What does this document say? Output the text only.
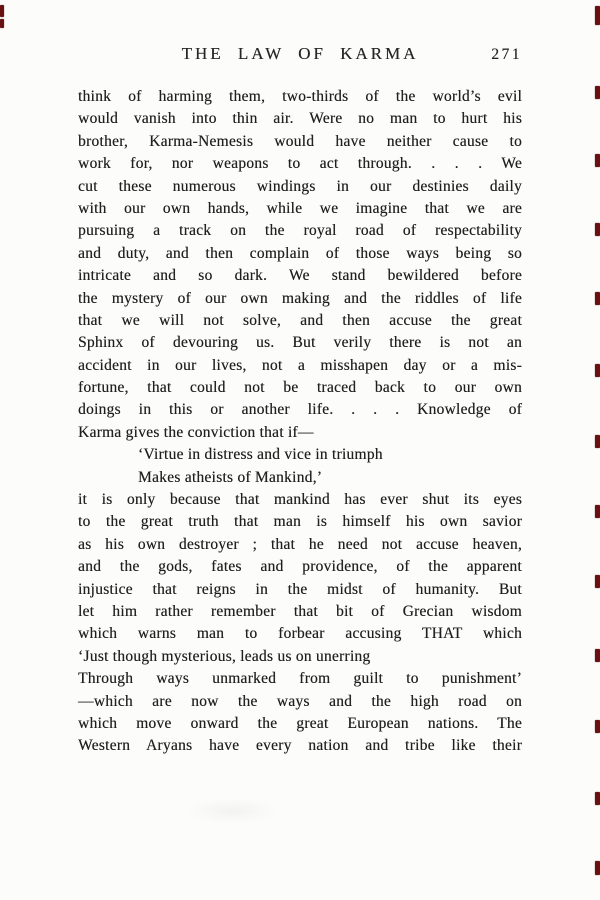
THE LAW OF KARMA	271
think of harming them, two-thirds of the world’s evil
would vanish into thin air. Were no man to hurt his
brother, Karma-Nemesis would have neither cause to
work for, nor weapons to act through. . . . We
cut these numerous windings in our destinies daily
with our own hands, while we imagine that we are
pursuing a track on the royal road of respectability
and duty, and then complain of those ways being so
intricate and so dark. We stand bewildered before
the mystery of our own making and the riddles of life
that we will not solve, and then accuse the great
Sphinx of devouring us. But verily there is not an
accident in our lives, not a misshapen day or a mis-
fortune, that could not be traced back to our own
doings in this or another life. . . . Knowledge of
Karma gives the conviction that if—
‘Virtue in distress and vice in triumph
Makes atheists of Mankind,’
it is only because that mankind has ever shut its eyes
to the great truth that man is himself his own savior
as his own destroyer ; that he need not accuse heaven,
and the gods, fates and providence, of the apparent
injustice that reigns in the midst of humanity. But
let him rather remember that bit of Grecian wisdom
which warns man to forbear accusing THAT which
‘Just though mysterious, leads us on unerring
Through ways unmarked from guilt to punishment’
—which are now the ways and the high road on
which move onward the great European nations. The
Western Aryans have every nation and tribe like their
